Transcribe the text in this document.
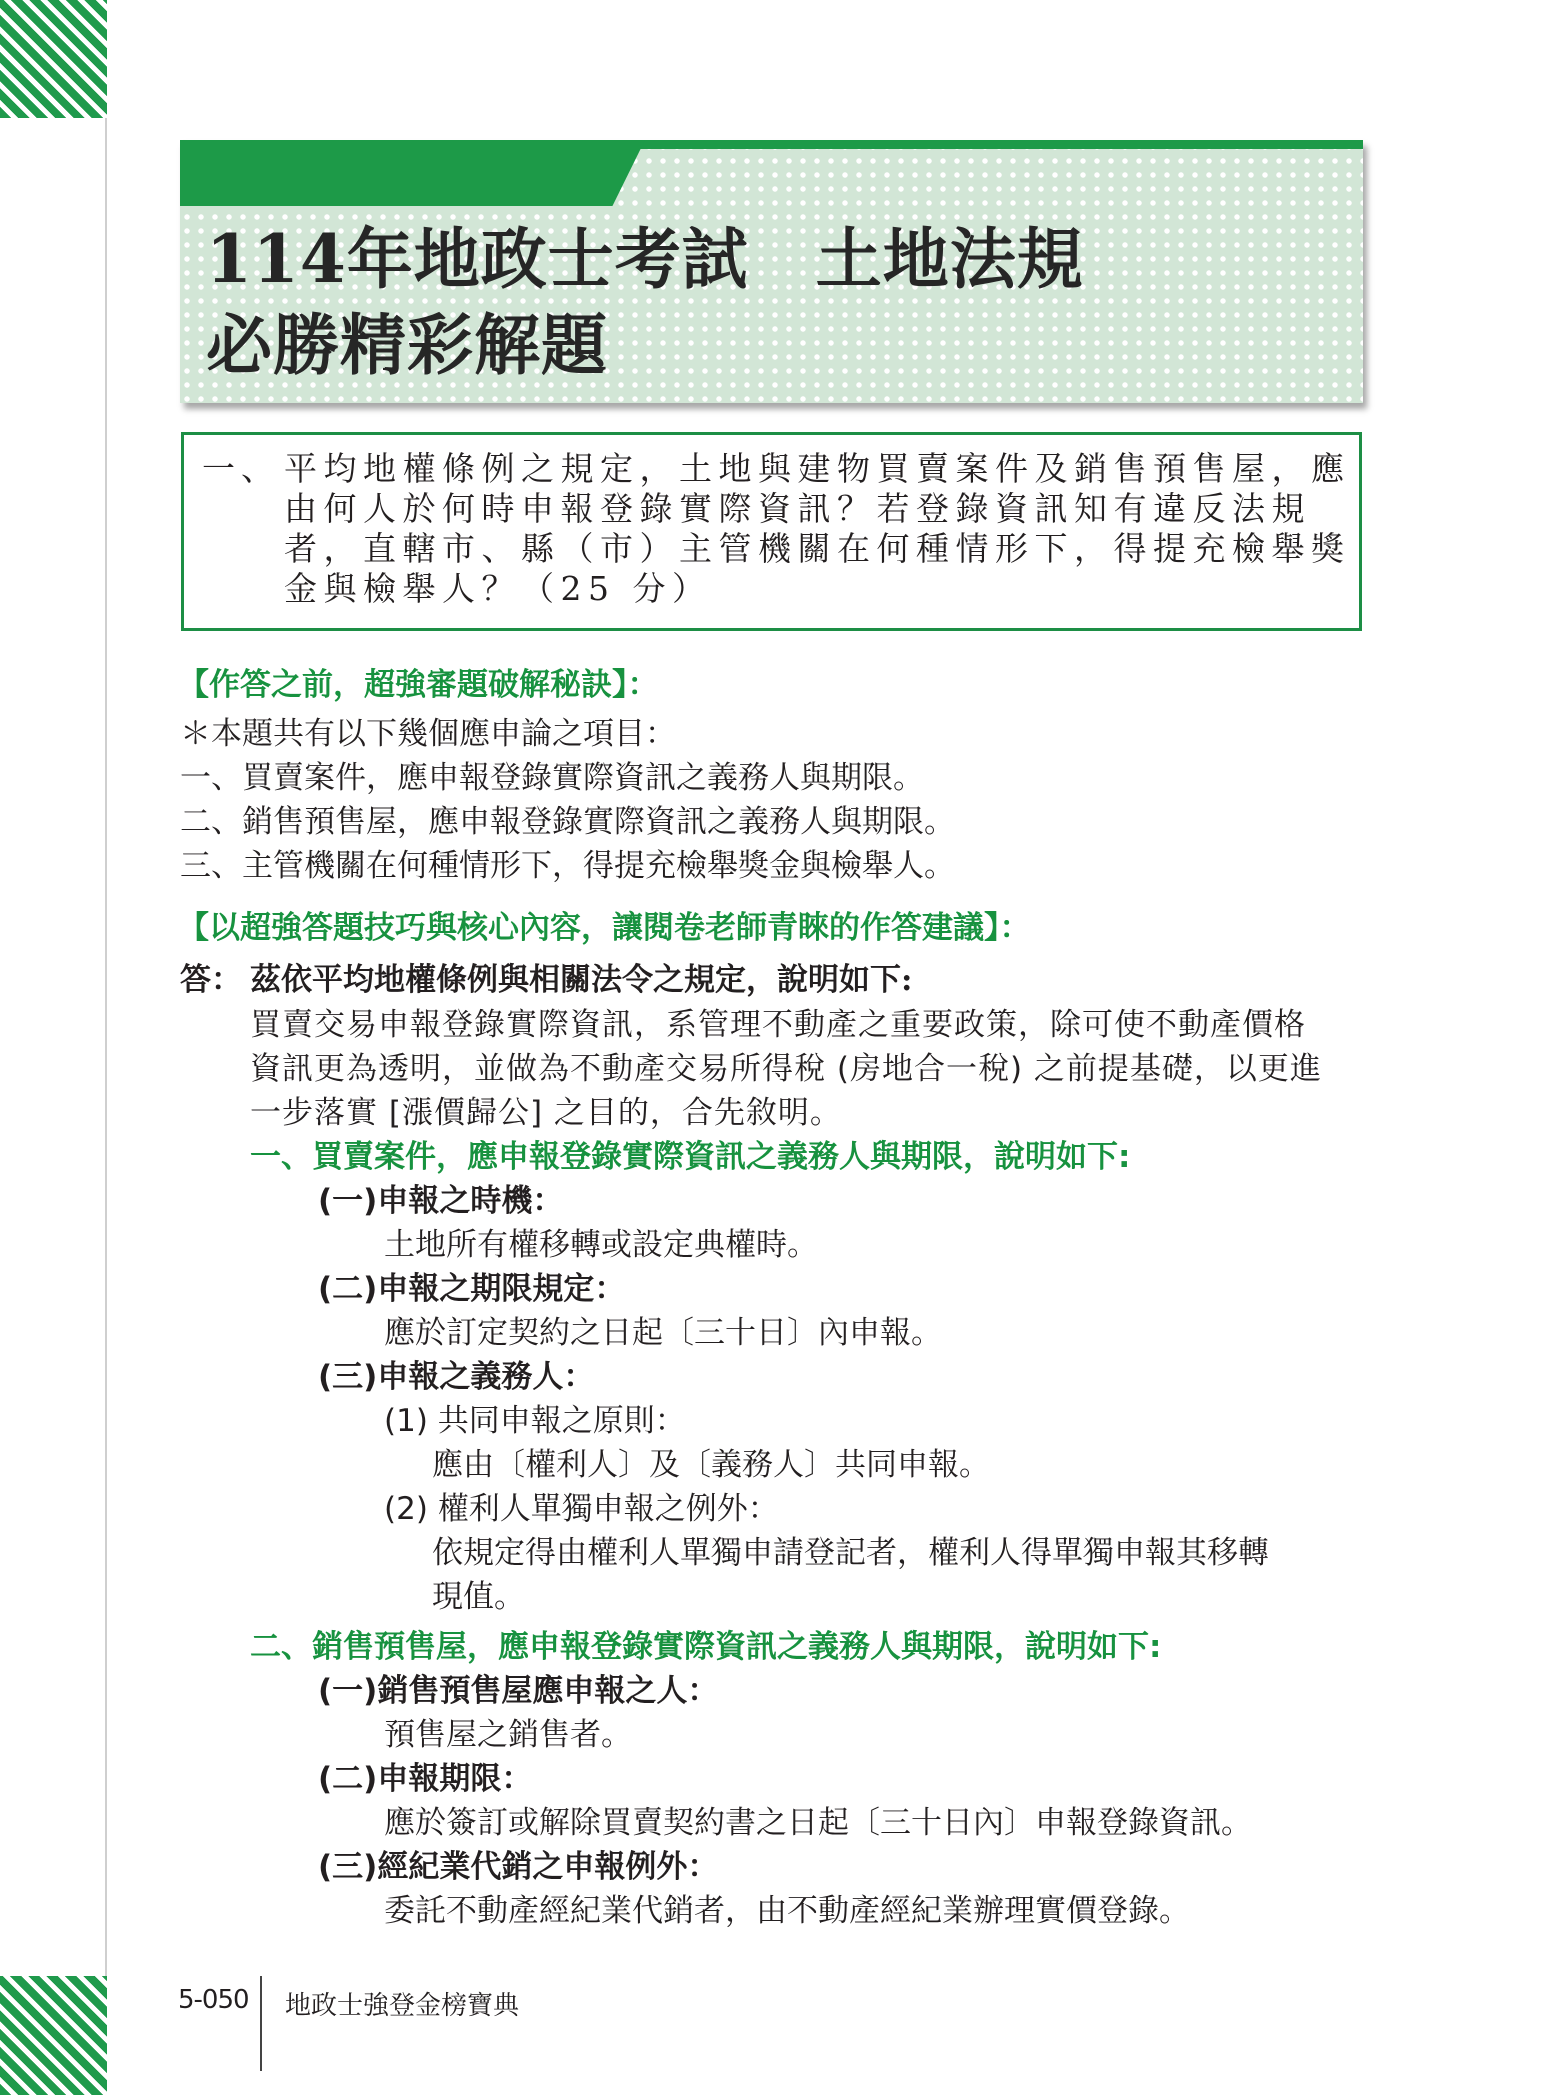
114年地政士考試　土地法規
必勝精彩解題
一、 平均地權條例之規定，土地與建物買賣案件及銷售預售屋，應
由何人於何時申報登錄實際資訊？若登錄資訊知有違反法規
者，直轄市、縣（市）主管機關在何種情形下，得提充檢舉獎
金與檢舉人？（25 分）
【作答之前，超強審題破解秘訣】：
＊本題共有以下幾個應申論之項目：
一、買賣案件，應申報登錄實際資訊之義務人與期限。
二、銷售預售屋，應申報登錄實際資訊之義務人與期限。
三、主管機關在何種情形下，得提充檢舉獎金與檢舉人。
【以超強答題技巧與核心內容，讓閱卷老師青睞的作答建議】：
答： 茲依平均地權條例與相關法令之規定，說明如下:
買賣交易申報登錄實際資訊，系管理不動產之重要政策，除可使不動產價格
資訊更為透明，並做為不動產交易所得稅 (房地合一稅) 之前提基礎，以更進
一步落實 [漲價歸公] 之目的，合先敘明。
一、買賣案件，應申報登錄實際資訊之義務人與期限，說明如下:
(一)申報之時機：
土地所有權移轉或設定典權時。
(二)申報之期限規定：
應於訂定契約之日起〔三十日〕內申報。
(三)申報之義務人：
(1) 共同申報之原則：
應由〔權利人〕及〔義務人〕共同申報。
(2) 權利人單獨申報之例外：
依規定得由權利人單獨申請登記者，權利人得單獨申報其移轉
現值。
二、銷售預售屋，應申報登錄實際資訊之義務人與期限，說明如下:
(一)銷售預售屋應申報之人：
預售屋之銷售者。
(二)申報期限：
應於簽訂或解除買賣契約書之日起〔三十日內〕申報登錄資訊。
(三)經紀業代銷之申報例外：
委託不動產經紀業代銷者，由不動產經紀業辦理實價登錄。
5-050 地政士強登金榜寶典
